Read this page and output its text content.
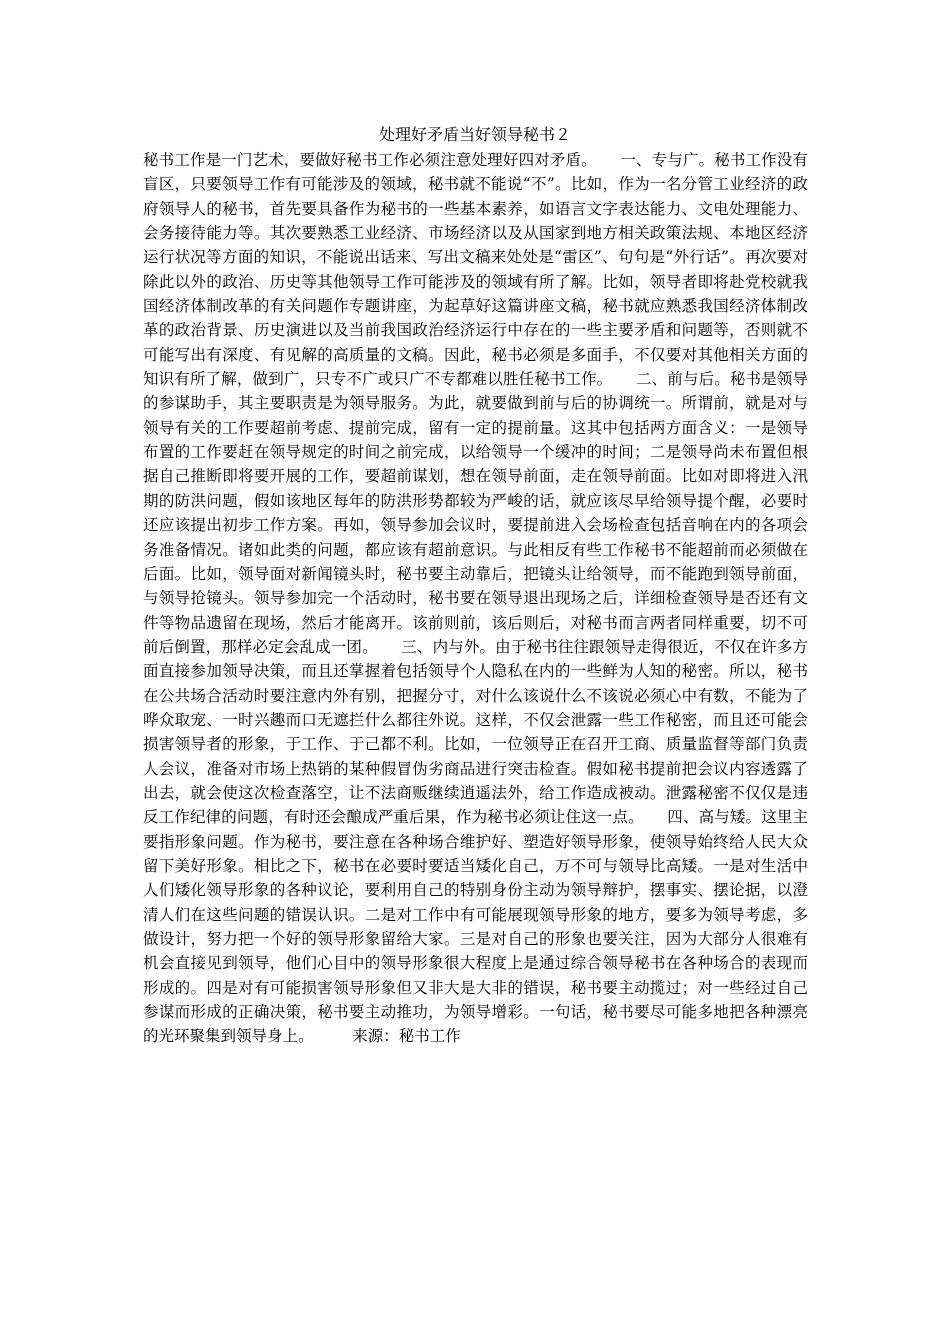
处理好矛盾当好领导秘书２

秘书工作是一门艺术，要做好秘书工作必须注意处理好四对矛盾。　　一、专与广。秘书工作没有盲区，只要领导工作有可能涉及的领域，秘书就不能说“不”。比如，作为一名分管工业经济的政府领导人的秘书，首先要具备作为秘书的一些基本素养，如语言文字表达能力、文电处理能力、会务接待能力等。其次要熟悉工业经济、市场经济以及从国家到地方相关政策法规、本地区经济运行状况等方面的知识，不能说出话来、写出文稿来处处是“雷区”、句句是“外行话”。再次要对除此以外的政治、历史等其他领导工作可能涉及的领域有所了解。比如，领导者即将赴党校就我国经济体制改革的有关问题作专题讲座，为起草好这篇讲座文稿，秘书就应熟悉我国经济体制改革的政治背景、历史演进以及当前我国政治经济运行中存在的一些主要矛盾和问题等，否则就不可能写出有深度、有见解的高质量的文稿。因此，秘书必须是多面手，不仅要对其他相关方面的知识有所了解，做到广，只专不广或只广不专都难以胜任秘书工作。　　二、前与后。秘书是领导的参谋助手，其主要职责是为领导服务。为此，就要做到前与后的协调统一。所谓前，就是对与领导有关的工作要超前考虑、提前完成，留有一定的提前量。这其中包括两方面含义：一是领导布置的工作要赶在领导规定的时间之前完成，以给领导一个缓冲的时间；二是领导尚未布置但根据自己推断即将要开展的工作，要超前谋划，想在领导前面，走在领导前面。比如对即将进入汛期的防洪问题，假如该地区每年的防洪形势都较为严峻的话，就应该尽早给领导提个醒，必要时还应该提出初步工作方案。再如，领导参加会议时，要提前进入会场检查包括音响在内的各项会务准备情况。诸如此类的问题，都应该有超前意识。与此相反有些工作秘书不能超前而必须做在后面。比如，领导面对新闻镜头时，秘书要主动靠后，把镜头让给领导，而不能跑到领导前面，与领导抢镜头。领导参加完一个活动时，秘书要在领导退出现场之后，详细检查领导是否还有文件等物品遗留在现场，然后才能离开。该前则前，该后则后，对秘书而言两者同样重要，切不可前后倒置，那样必定会乱成一团。　　三、内与外。由于秘书往往跟领导走得很近，不仅在许多方面直接参加领导决策，而且还掌握着包括领导个人隐私在内的一些鲜为人知的秘密。所以，秘书在公共场合活动时要注意内外有别，把握分寸，对什么该说什么不该说必须心中有数，不能为了哗众取宠、一时兴趣而口无遮拦什么都往外说。这样，不仅会泄露一些工作秘密，而且还可能会损害领导者的形象，于工作、于己都不利。比如，一位领导正在召开工商、质量监督等部门负责人会议，准备对市场上热销的某种假冒伪劣商品进行突击检查。假如秘书提前把会议内容透露了出去，就会使这次检查落空，让不法商贩继续逍遥法外，给工作造成被动。泄露秘密不仅仅是违反工作纪律的问题，有时还会酿成严重后果，作为秘书必须让住这一点。　　四、高与矮。这里主要指形象问题。作为秘书，要注意在各种场合维护好、塑造好领导形象，使领导始终给人民大众留下美好形象。相比之下，秘书在必要时要适当矮化自己，万不可与领导比高矮。一是对生活中人们矮化领导形象的各种议论，要利用自己的特别身份主动为领导辩护，摆事实、摆论据，以澄清人们在这些问题的错误认识。二是对工作中有可能展现领导形象的地方，要多为领导考虑，多做设计，努力把一个好的领导形象留给大家。三是对自己的形象也要关注，因为大部分人很难有机会直接见到领导，他们心目中的领导形象很大程度上是通过综合领导秘书在各种场合的表现而形成的。四是对有可能损害领导形象但又非大是大非的错误，秘书要主动揽过；对一些经过自己参谋而形成的正确决策，秘书要主动推功，为领导增彩。一句话，秘书要尽可能多地把各种漂亮的光环聚集到领导身上。　　　来源：秘书工作
